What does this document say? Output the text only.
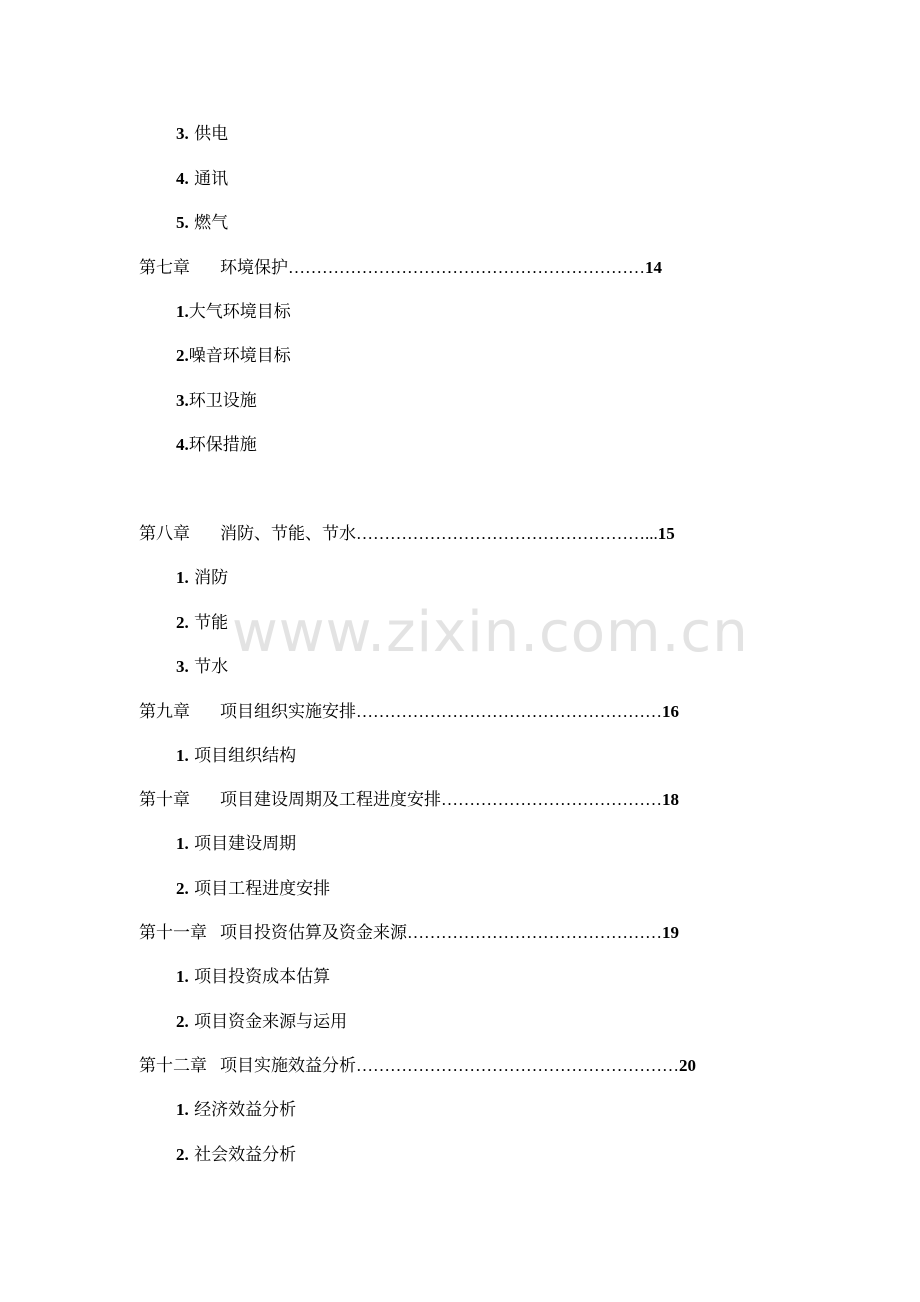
www.zixin.com.cn
3. 供电
4. 通讯
5. 燃气
第七章 环境保护………………………………………………………14
1.大气环境目标
2.噪音环境目标
3.环卫设施
4.环保措施
第八章 消防、节能、节水……………………………………………...15
1. 消防
2. 节能
3. 节水
第九章 项目组织实施安排………………………………………………16
1. 项目组织结构
第十章 项目建设周期及工程进度安排…………………………………18
1. 项目建设周期
2. 项目工程进度安排
第十一章 项目投资估算及资金来源………………………………………19
1. 项目投资成本估算
2. 项目资金来源与运用
第十二章 项目实施效益分析…………………………………………………20
1. 经济效益分析
2. 社会效益分析
